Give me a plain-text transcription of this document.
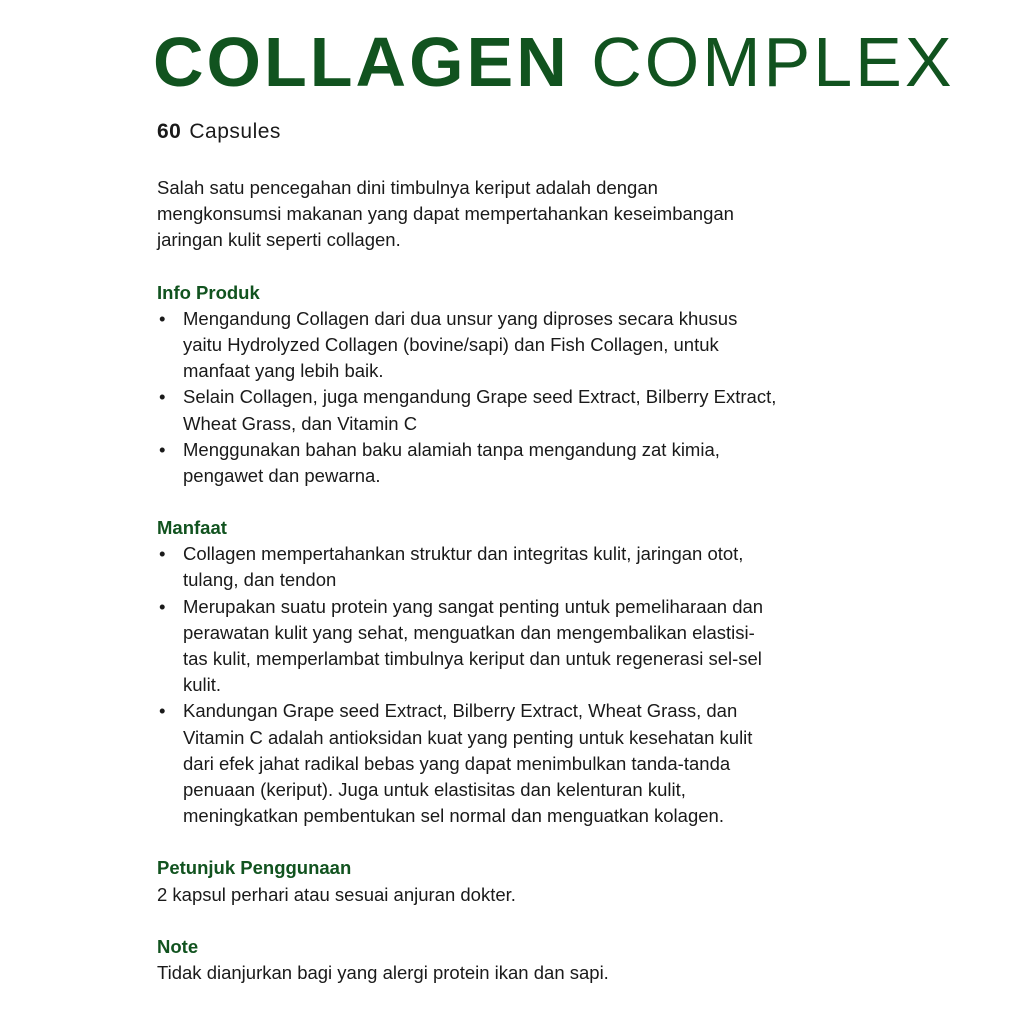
COLLAGEN COMPLEX
60 Capsules
Salah satu pencegahan dini timbulnya keriput adalah dengan
mengkonsumsi makanan yang dapat mempertahankan keseimbangan
jaringan kulit seperti collagen.
Info Produk
• Mengandung Collagen dari dua unsur yang diproses secara khusus
yaitu Hydrolyzed Collagen (bovine/sapi) dan Fish Collagen, untuk
manfaat yang lebih baik.
• Selain Collagen, juga mengandung Grape seed Extract, Bilberry Extract,
Wheat Grass, dan Vitamin C
• Menggunakan bahan baku alamiah tanpa mengandung zat kimia,
pengawet dan pewarna.
Manfaat
• Collagen mempertahankan struktur dan integritas kulit, jaringan otot,
tulang, dan tendon
• Merupakan suatu protein yang sangat penting untuk pemeliharaan dan
perawatan kulit yang sehat, menguatkan dan mengembalikan elastisi-
tas kulit, memperlambat timbulnya keriput dan untuk regenerasi sel-sel
kulit.
• Kandungan Grape seed Extract, Bilberry Extract, Wheat Grass, dan
Vitamin C adalah antioksidan kuat yang penting untuk kesehatan kulit
dari efek jahat radikal bebas yang dapat menimbulkan tanda-tanda
penuaan (keriput). Juga untuk elastisitas dan kelenturan kulit,
meningkatkan pembentukan sel normal dan menguatkan kolagen.
Petunjuk Penggunaan
2 kapsul perhari atau sesuai anjuran dokter.
Note
Tidak dianjurkan bagi yang alergi protein ikan dan sapi.
